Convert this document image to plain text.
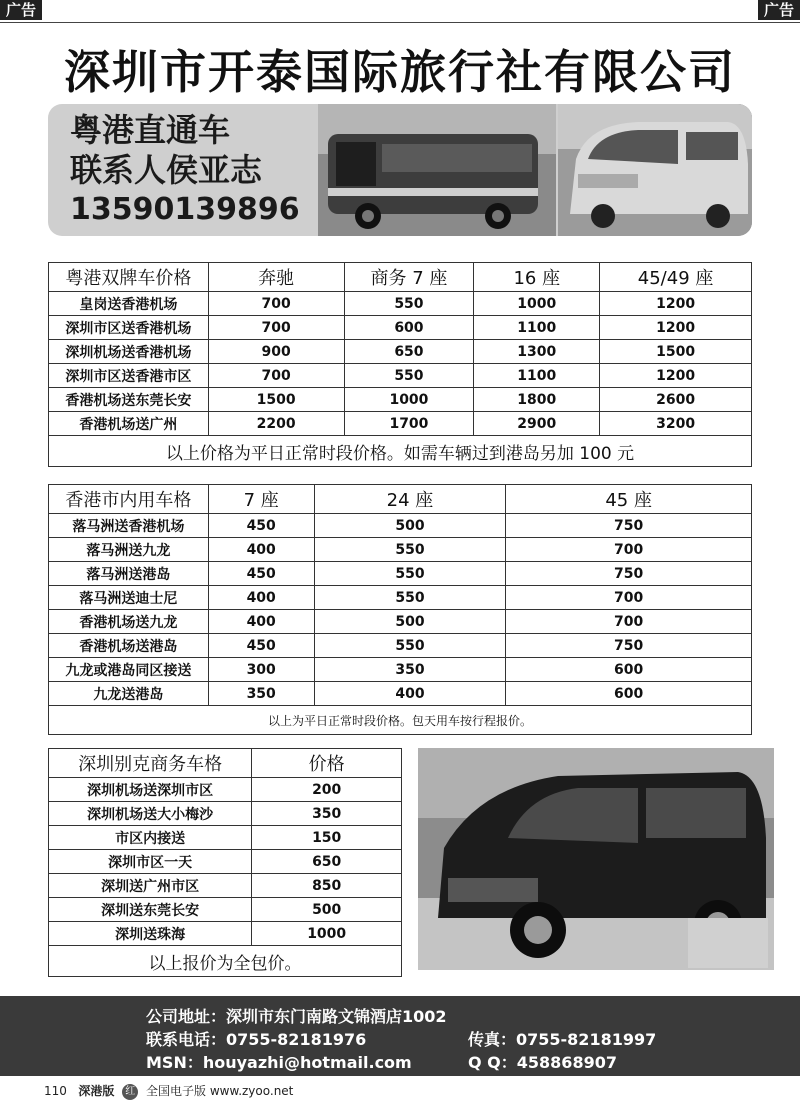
广告	广告
深圳市开泰国际旅行社有限公司
粤港直通车
联系人侯亚志
13590139896
粤港双牌车价格	奔驰	商务 7 座	16 座	45/49 座
皇岗送香港机场	700	550	1000	1200
深圳市区送香港机场	700	600	1100	1200
深圳机场送香港机场	900	650	1300	1500
深圳市区送香港市区	700	550	1100	1200
香港机场送东莞长安	1500	1000	1800	2600
香港机场送广州	2200	1700	2900	3200
以上价格为平日正常时段价格。如需车辆过到港岛另加 100 元				
香港市内用车格	7 座	24 座	45 座
落马洲送香港机场	450	500	750
落马洲送九龙	400	550	700
落马洲送港岛	450	550	750
落马洲送迪士尼	400	550	700
香港机场送九龙	400	500	700
香港机场送港岛	450	550	750
九龙或港岛同区接送	300	350	600
九龙送港岛	350	400	600
以上为平日正常时段价格。包天用车按行程报价。			
深圳别克商务车格	价格
深圳机场送深圳市区	200
深圳机场送大小梅沙	350
市区内接送	150
深圳市区一天	650
深圳送广州市区	850
深圳送东莞长安	500
深圳送珠海	1000
以上报价为全包价。	
公司地址：深圳市东门南路文锦酒店1002
联系电话：0755-82181976	传真：0755-82181997
MSN：houyazhi@hotmail.com	Q Q：458868907
110 深港版 红 全国电子版 www.zyoo.net
